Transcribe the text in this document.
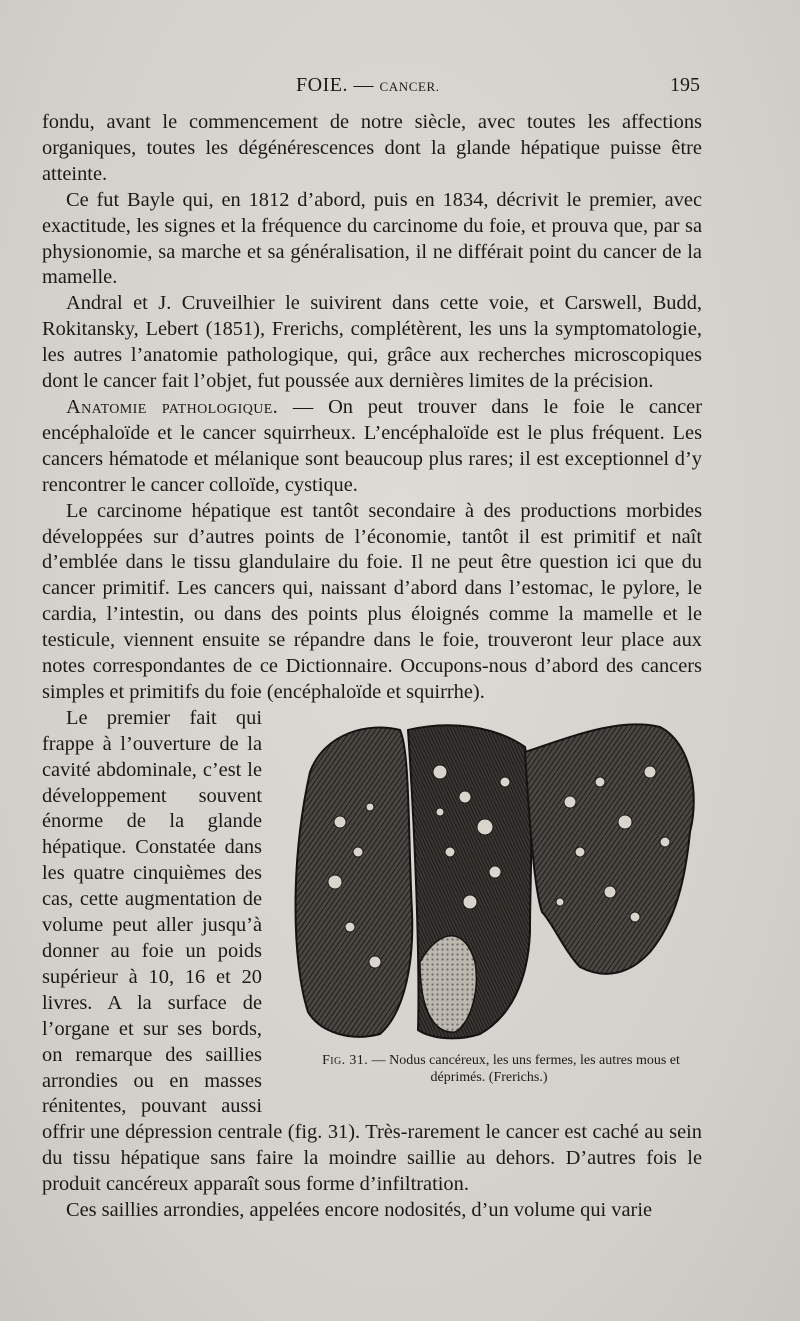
FOIE. — CANCER.	195

fondu, avant le commencement de notre siècle, avec toutes les affections organiques, toutes les dégénérescences dont la glande hépatique puisse être atteinte.

Ce fut Bayle qui, en 1812 d’abord, puis en 1834, décrivit le premier, avec exactitude, les signes et la fréquence du carcinome du foie, et prouva que, par sa physionomie, sa marche et sa généralisation, il ne différait point du cancer de la mamelle.

Andral et J. Cruveilhier le suivirent dans cette voie, et Carswell, Budd, Rokitansky, Lebert (1851), Frerichs, complétèrent, les uns la symptomatologie, les autres l’anatomie pathologique, qui, grâce aux recherches microscopiques dont le cancer fait l’objet, fut poussée aux dernières limites de la précision.

Anatomie pathologique. — On peut trouver dans le foie le cancer encéphaloïde et le cancer squirrheux. L’encéphaloïde est le plus fréquent. Les cancers hématode et mélanique sont beaucoup plus rares; il est exceptionnel d’y rencontrer le cancer colloïde, cystique.

Le carcinome hépatique est tantôt secondaire à des productions morbides développées sur d’autres points de l’économie, tantôt il est primitif et naît d’emblée dans le tissu glandulaire du foie. Il ne peut être question ici que du cancer primitif. Les cancers qui, naissant d’abord dans l’estomac, le pylore, le cardia, l’intestin, ou dans des points plus éloignés comme la mamelle et le testicule, viennent ensuite se répandre dans le foie, trouveront leur place aux notes correspondantes de ce Dictionnaire. Occupons-nous d’abord des cancers simples et primitifs du foie (encéphaloïde et squirrhe).

Fig. 31. — Nodus cancéreux, les uns fermes, les autres mous et déprimés. (Frerichs.)
Le premier fait qui frappe à l’ouverture de la cavité abdominale, c’est le développement souvent énorme de la glande hépatique. Constatée dans les quatre cinquièmes des cas, cette augmentation de volume peut aller jusqu’à donner au foie un poids supérieur à 10, 16 et 20 livres. A la surface de l’organe et sur ses bords, on remarque des saillies arrondies ou en masses rénitentes, pouvant aussi offrir une dépression centrale (fig. 31). Très-rarement le cancer est caché au sein du tissu hépatique sans faire la moindre saillie au dehors. D’autres fois le produit cancéreux apparaît sous forme d’infiltration.

Ces saillies arrondies, appelées encore nodosités, d’un volume qui varie
